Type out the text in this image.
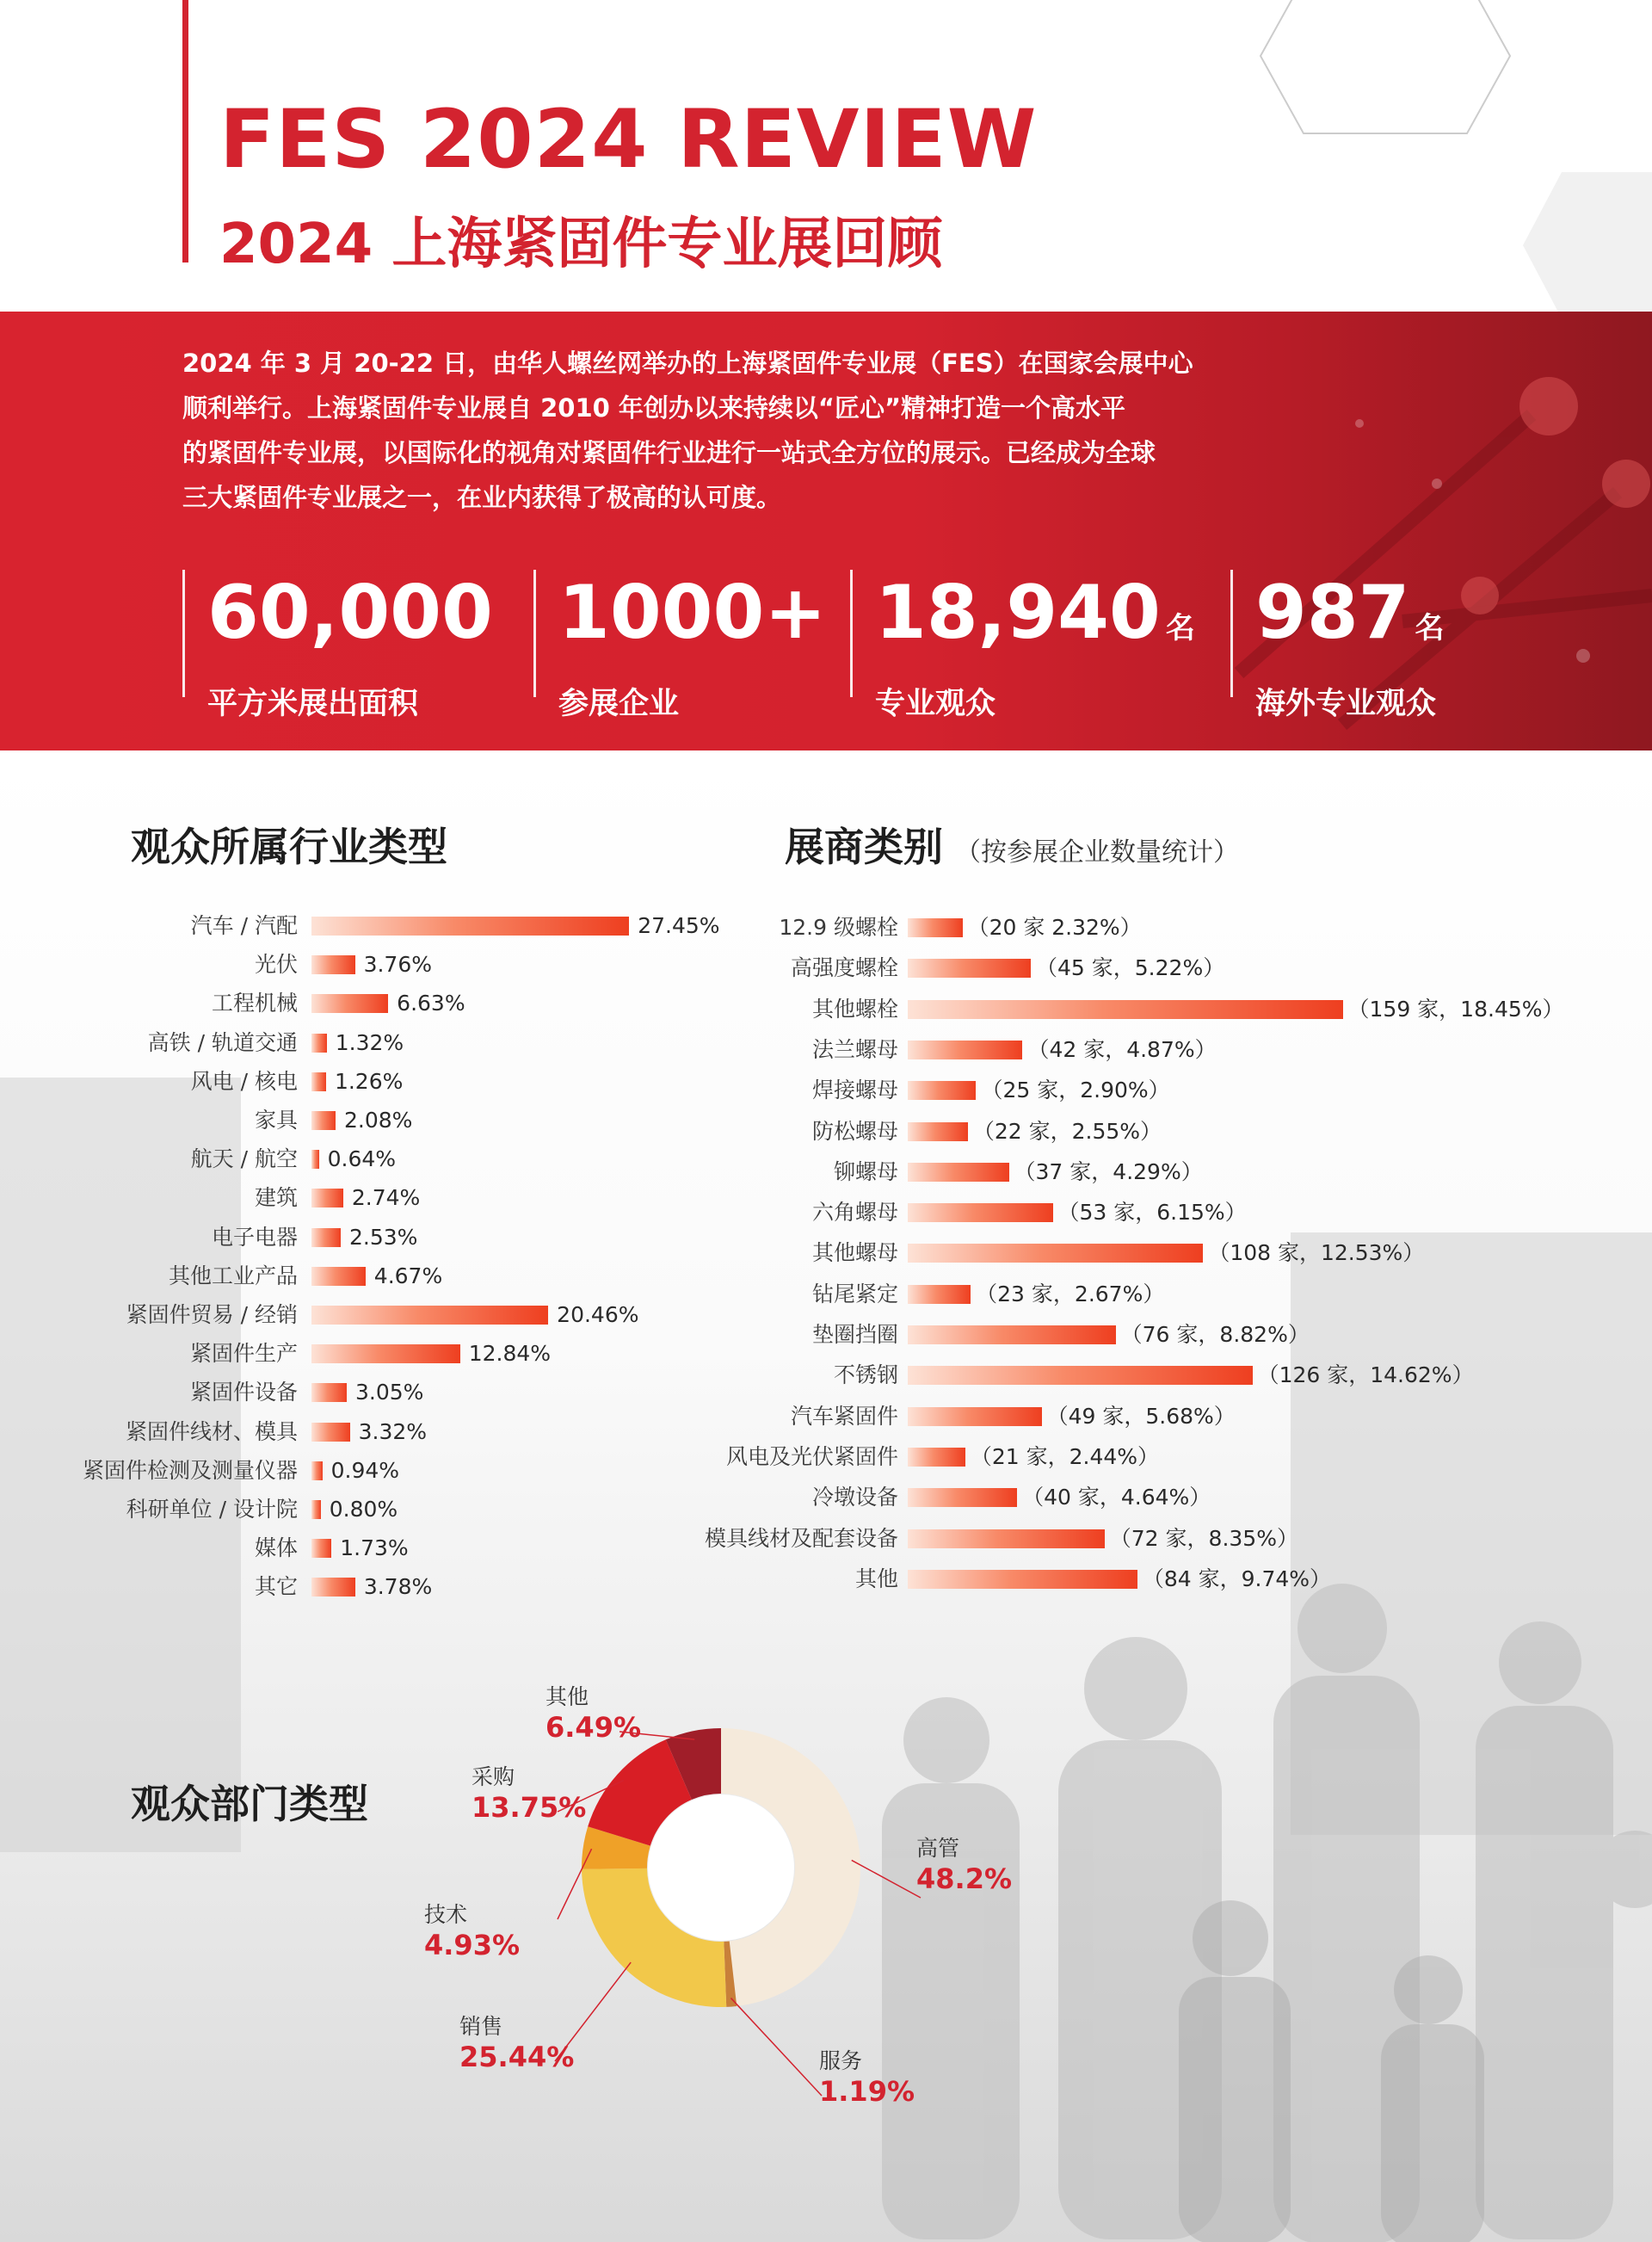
FES 2024 REVIEW
2024 上海紧固件专业展回顾

2024 年 3 月 20-22 日，由华人螺丝网举办的上海紧固件专业展（FES）在国家会展中心

顺利举行。上海紧固件专业展自 2010 年创办以来持续以“匠心”精神打造一个高水平

的紧固件专业展，以国际化的视角对紧固件行业进行一站式全方位的展示。已经成为全球

三大紧固件专业展之一，在业内获得了极高的认可度。

60,000
平方米展出面积
1000+
参展企业
18,940 名
专业观众
987 名
海外专业观众
观众所属行业类型	展商类别 （按参展企业数量统计）
观众部门类型
汽车 / 汽配	27.45%
光伏	3.76%
工程机械	6.63%
高铁 / 轨道交通 1.32%
风电 / 核电 1.26%
家具 2.08%
航天 / 航空 0.64%
建筑	2.74%
电子电器 2.53%
其他工业产品	4.67%
紧固件贸易 / 经销	20.46%
紧固件生产	12.84%
紧固件设备	3.05%
紧固件线材、模具	3.32%
紧固件检测及测量仪器 0.94%
科研单位 / 设计院 0.80%
媒体 1.73%
其它	3.78%
12.9 级螺栓	（20 家 2.32%）
高强度螺栓	（45 家，5.22%）
其他螺栓	（159 家，18.45%）
法兰螺母	（42 家，4.87%）
焊接螺母	（25 家，2.90%）
防松螺母	（22 家，2.55%）
铆螺母	（37 家，4.29%）
六角螺母	（53 家，6.15%）
其他螺母	（108 家，12.53%）
钻尾紧定	（23 家，2.67%）
垫圈挡圈	（76 家，8.82%）
不锈钢	（126 家，14.62%）
汽车紧固件	（49 家，5.68%）
风电及光伏紧固件	（21 家，2.44%）
冷墩设备	（40 家，4.64%）
模具线材及配套设备	（72 家，8.35%）
其他	（84 家，9.74%）
高管
48.2%
服务
1.19%
销售
25.44%
技术
4.93%
采购
13.75%
其他
6.49%
